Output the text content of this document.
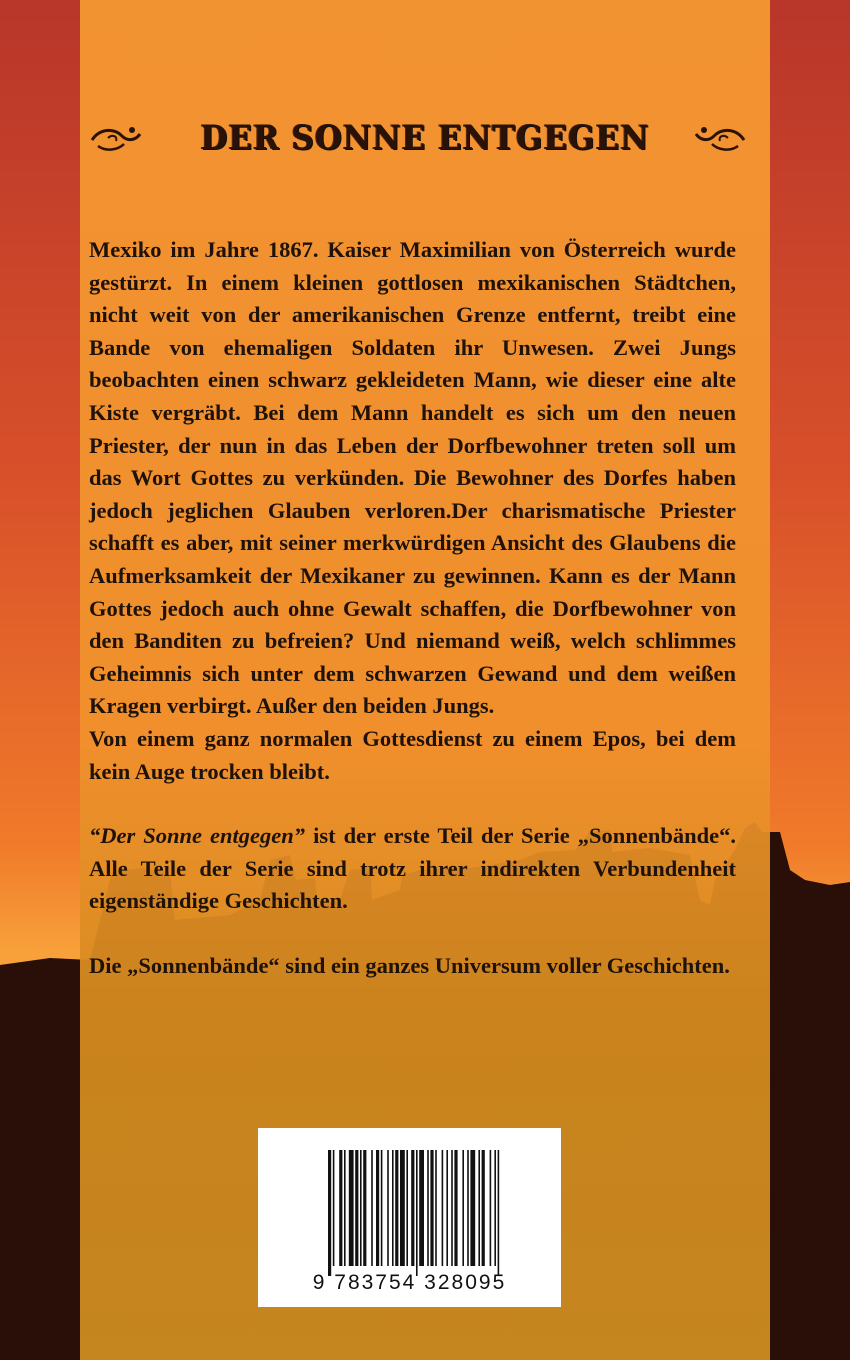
DER SONNE ENTGEGEN

Mexiko im Jahre 1867. Kaiser Maximilian von Österreich wurde gestürzt. In einem kleinen gottlosen mexikanischen Städtchen, nicht weit von der amerikanischen Grenze entfernt, treibt eine Bande von ehemaligen Soldaten ihr Unwesen. Zwei Jungs beobachten einen schwarz gekleideten Mann, wie dieser eine alte Kiste vergräbt. Bei dem Mann handelt es sich um den neuen Priester, der nun in das Leben der Dorfbewohner treten soll um das Wort Gottes zu verkünden. Die Bewohner des Dorfes haben jedoch jeglichen Glauben verloren.Der charismatische Priester schafft es aber, mit seiner merkwürdigen Ansicht des Glaubens die Aufmerksamkeit der Mexikaner zu gewinnen. Kann es der Mann Gottes jedoch auch ohne Gewalt schaffen, die Dorfbewohner von den Banditen zu befreien? Und niemand weiß, welch schlimmes Geheimnis sich unter dem schwarzen Gewand und dem weißen Kragen verbirgt. Außer den beiden Jungs.

Von einem ganz normalen Gottesdienst zu einem Epos, bei dem kein Auge trocken bleibt.

“Der Sonne entgegen” ist der erste Teil der Serie „Sonnenbände“. Alle Teile der Serie sind trotz ihrer indirekten Verbundenheit eigenständige Geschichten.

Die „Sonnenbände“ sind ein ganzes Universum voller Geschichten.

9 783754 328095
